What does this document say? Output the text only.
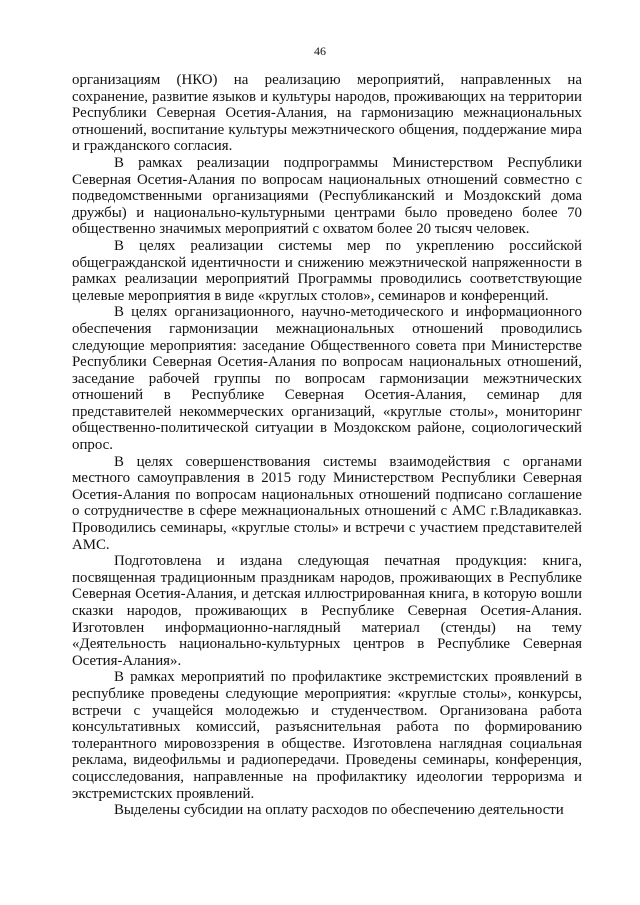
46

организациям (НКО) на реализацию мероприятий, направленных на сохранение, развитие языков и культуры народов, проживающих на территории Республики Северная Осетия-Алания, на гармонизацию межнациональных отношений, воспитание культуры межэтнического общения, поддержание мира и гражданского согласия.

В рамках реализации подпрограммы Министерством Республики Северная Осетия-Алания по вопросам национальных отношений совместно с подведомственными организациями (Республиканский и Моздокский дома дружбы) и национально-культурными центрами было проведено более 70 общественно значимых мероприятий с охватом более 20 тысяч человек.

В целях реализации системы мер по укреплению российской общегражданской идентичности и снижению межэтнической напряженности в рамках реализации мероприятий Программы проводились соответствующие целевые мероприятия в виде «круглых столов», семинаров и конференций.

В целях организационного, научно-методического и информационного обеспечения гармонизации межнациональных отношений проводились следующие мероприятия: заседание Общественного совета при Министерстве Республики Северная Осетия-Алания по вопросам национальных отношений, заседание рабочей группы по вопросам гармонизации межэтнических отношений в Республике Северная Осетия-Алания, семинар для представителей некоммерческих организаций, «круглые столы», мониторинг общественно-политической ситуации в Моздокском районе, социологический опрос.

В целях совершенствования системы взаимодействия с органами местного самоуправления в 2015 году Министерством Республики Северная Осетия-Алания по вопросам национальных отношений подписано соглашение о сотрудничестве в сфере межнациональных отношений с АМС г.Владикавказ. Проводились семинары, «круглые столы» и встречи с участием представителей АМС.

Подготовлена и издана следующая печатная продукция: книга, посвященная традиционным праздникам народов, проживающих в Республике Северная Осетия-Алания, и детская иллюстрированная книга, в которую вошли сказки народов, проживающих в Республике Северная Осетия-Алания. Изготовлен информационно-наглядный материал (стенды) на тему «Деятельность национально-культурных центров в Республике Северная Осетия-Алания».

В рамках мероприятий по профилактике экстремистских проявлений в республике проведены следующие мероприятия: «круглые столы», конкурсы, встречи с учащейся молодежью и студенчеством. Организована работа консультативных комиссий, разъяснительная работа по формированию толерантного мировоззрения в обществе. Изготовлена наглядная социальная реклама, видеофильмы и радиопередачи. Проведены семинары, конференция, социсследования, направленные на профилактику идеологии терроризма и экстремистских проявлений.

Выделены субсидии на оплату расходов по обеспечению деятельности
